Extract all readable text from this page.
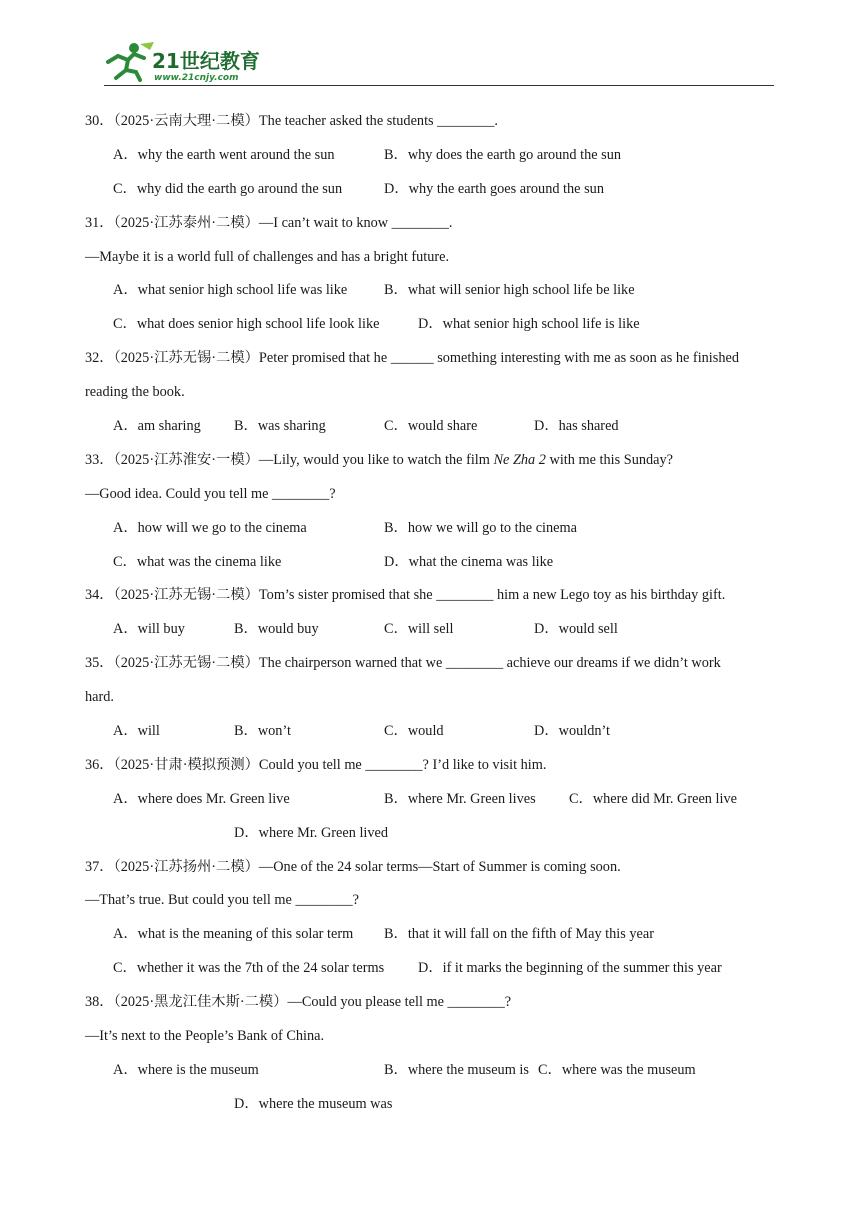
21世纪教育
www.21cnjy.com
30．（2025·云南大理·二模）The teacher asked the students ________.
A．why the earth went around the sun	B．why does the earth go around the sun
C．why did the earth go around the sun	D．why the earth goes around the sun
31．（2025·江苏泰州·二模）—I can’t wait to know ________.
—Maybe it is a world full of challenges and has a bright future.
A．what senior high school life was like	B．what will senior high school life be like
C．what does senior high school life look like	D．what senior high school life is like
32．（2025·江苏无锡·二模）Peter promised that he ______ something interesting with me as soon as he finished
reading the book.
A．am sharing B．was sharing	C．would share	D．has shared
33．（2025·江苏淮安·一模）—Lily, would you like to watch the film Ne Zha 2 with me this Sunday?
—Good idea. Could you tell me ________?
A．how will we go to the cinema	B．how we will go to the cinema
C．what was the cinema like	D．what the cinema was like
34．（2025·江苏无锡·二模）Tom’s sister promised that she ________ him a new Lego toy as his birthday gift.
A．will buy	B．would buy	C．will sell	D．would sell
35．（2025·江苏无锡·二模）The chairperson warned that we ________ achieve our dreams if we didn’t work
hard.
A．will	B．won’t	C．would	D．wouldn’t
36．（2025·甘肃·模拟预测）Could you tell me ________? I’d like to visit him.
A．where does Mr. Green live	B．where Mr. Green lives C．where did Mr. Green live
D．where Mr. Green lived
37．（2025·江苏扬州·二模）—One of the 24 solar terms—Start of Summer is coming soon.
—That’s true. But could you tell me ________?
A．what is the meaning of this solar term B．that it will fall on the fifth of May this year
C．whether it was the 7th of the 24 solar terms D．if it marks the beginning of the summer this year
38．（2025·黑龙江佳木斯·二模）—Could you please tell me ________?
—It’s next to the People’s Bank of China.
A．where is the museum	B．where the museum is C．where was the museum
D．where the museum was
